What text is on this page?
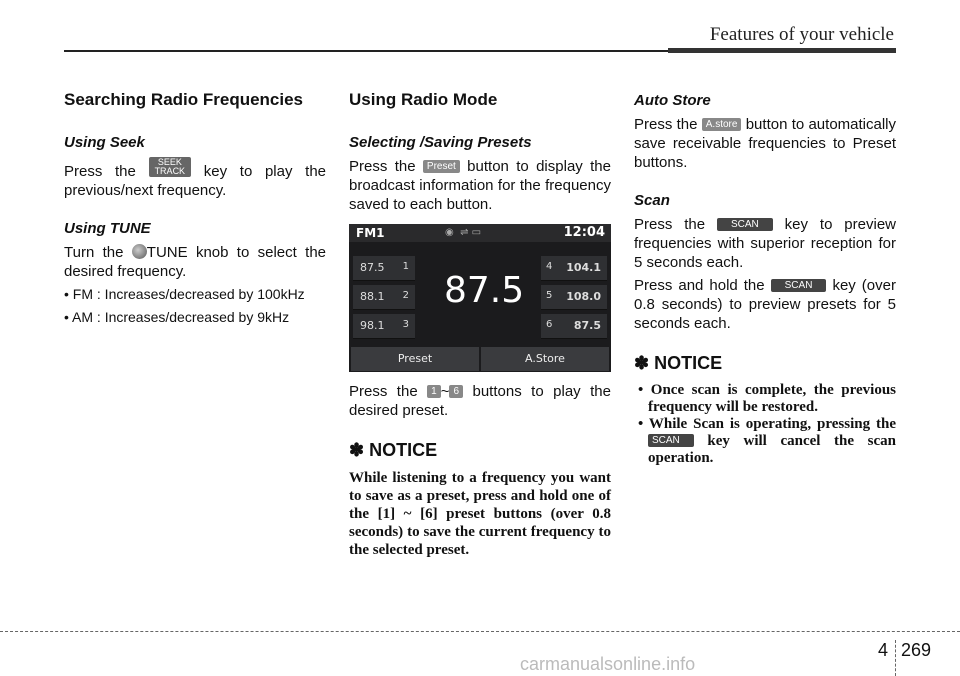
Features of your vehicle
Searching Radio Frequencies
Using Seek

Press the SEEK
TRACK key to play the previous/next frequency.

Using TUNE

Turn the TUNE knob to select the desired frequency.

• FM : Increases/decreased by 100kHz

• AM : Increases/decreased by 9kHz

Using Radio Mode
Selecting /Saving Presets

Press the Preset button to display the broadcast information for the frequency saved to each button.

FM1	◉  ⇌ ▭	12:04
87.5 1
88.1 2
98.1 3
87.5
4 104.1
5 108.0
6 87.5
Preset	A.Store

Press the 1 ~ 6 buttons to play the desired preset.

✽ NOTICE

While listening to a frequency you want to save as a preset, press and hold one of the [1] ~ [6] preset buttons (over 0.8 seconds) to save the current frequency to the selected preset.

Auto Store

Press the A.store button to automatically save receivable frequencies to Preset buttons.

Scan

Press the	SCAN key to preview frequencies with superior reception for 5 seconds each.

Press and hold the SCAN key (over 0.8 seconds) to preview presets for 5 seconds each.

✽ NOTICE

• Once scan is complete, the previous frequency will be restored.

• While Scan is operating, pressing the SCAN key will cancel the scan operation.

4 269
carmanualsonline.info
